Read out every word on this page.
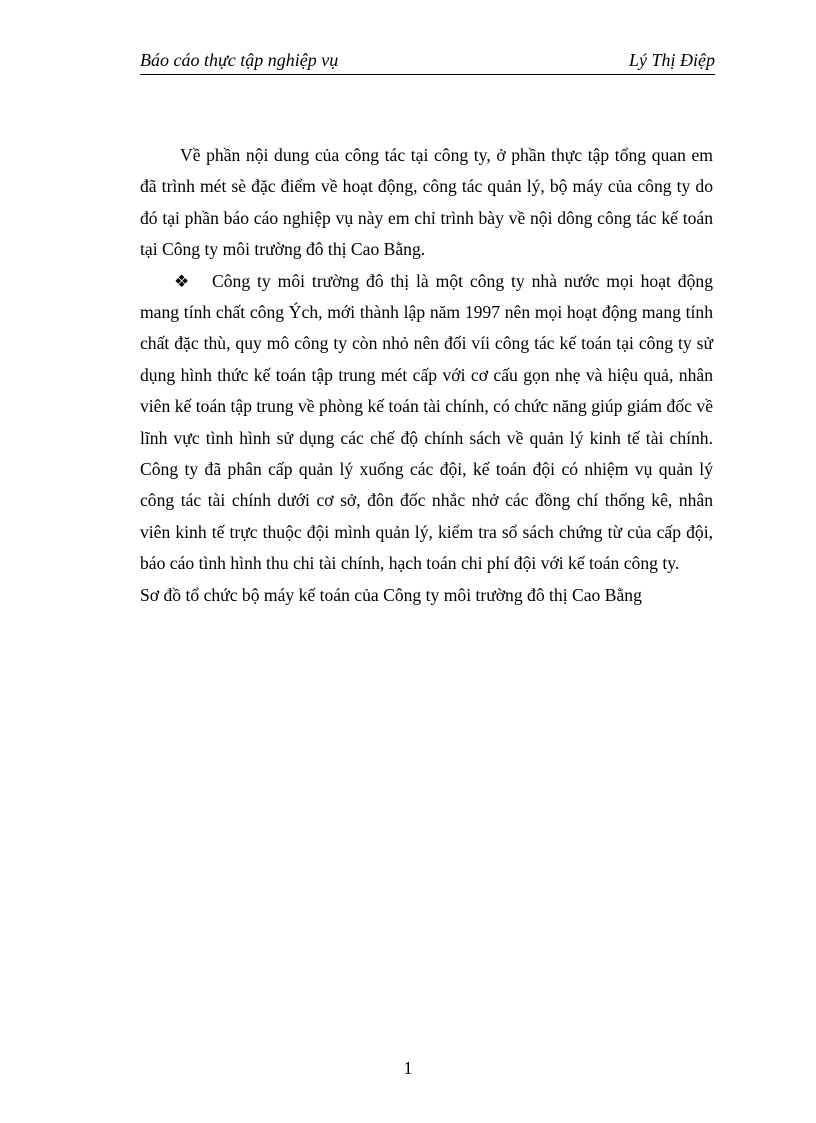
Báo cáo thực tập nghiệp vụ	Lý Thị Điệp

Về phần nội dung của công tác tại công ty, ở phần thực tập tổng quan em đã trình mét sè đặc điểm về hoạt động, công tác quản lý, bộ máy của công ty do đó tại phần báo cáo nghiệp vụ này em chỉ trình bày về nội dông công tác kế toán tại Công ty môi trường đô thị Cao Bằng.

❖ Công ty môi trường đô thị là một công ty nhà nước mọi hoạt động mang tính chất công Ých, mới thành lập năm 1997 nên mọi hoạt động mang tính chất đặc thù, quy mô công ty còn nhỏ nên đối víi công tác kế toán tại công ty sử dụng hình thức kế toán tập trung mét cấp với cơ cấu gọn nhẹ và hiệu quả, nhân viên kế toán tập trung về phòng kế toán tài chính, có chức năng giúp giám đốc về lĩnh vực tình hình sử dụng các chế độ chính sách về quản lý kinh tế tài chính. Công ty đã phân cấp quản lý xuống các đội, kế toán đội có nhiệm vụ quản lý công tác tài chính dưới cơ sở, đôn đốc nhắc nhở các đồng chí thống kê, nhân viên kinh tế trực thuộc đội mình quản lý, kiểm tra sổ sách chứng từ của cấp đội, báo cáo tình hình thu chi tài chính, hạch toán chi phí đội với kế toán công ty.

Sơ đồ tổ chức bộ máy kế toán của Công ty môi trường đô thị Cao Bằng

1
